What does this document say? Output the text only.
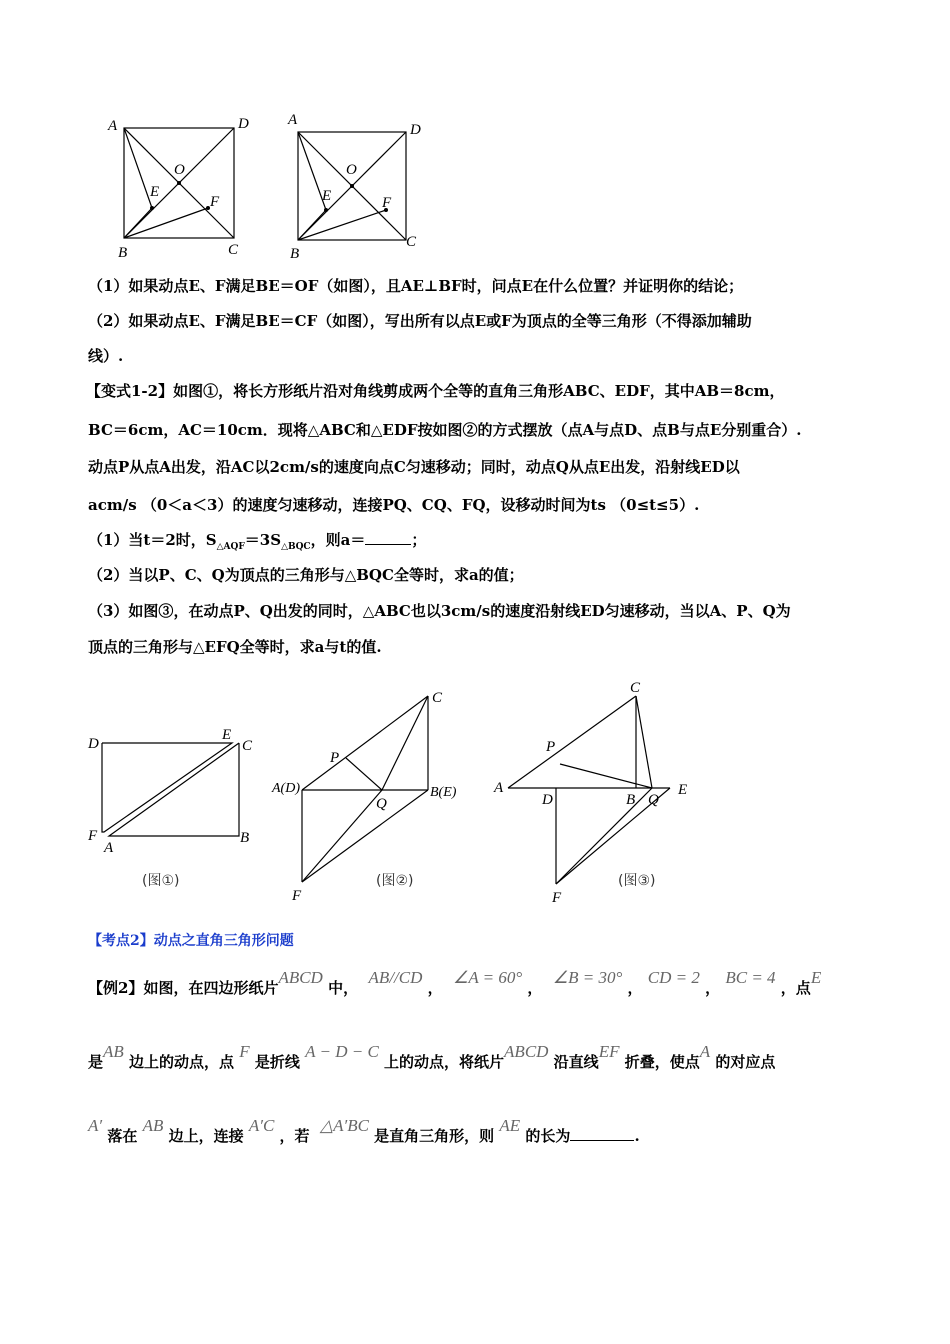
A	D
O
E
F
B	C
A
D
O
E	F
B
C
（1）如果动点E、F满足BE＝OF（如图），且AE⊥BF时，问点E在什么位置？并证明你的结论；
（2）如果动点E、F满足BE＝CF（如图），写出所有以点E或F为顶点的全等三角形（不得添加辅助
线）.
【变式1-2】如图①，将长方形纸片沿对角线剪成两个全等的直角三角形ABC、EDF，其中AB＝8cm，
BC＝6cm，AC＝10cm．现将△ABC和△EDF按如图②的方式摆放（点A与点D、点B与点E分别重合）.
动点P从点A出发，沿AC以2cm/s的速度向点C匀速移动；同时，动点Q从点E出发，沿射线ED以
acm/s （0＜a＜3）的速度匀速移动，连接PQ、CQ、FQ，设移动时间为ts （0≤t≤5）.
（1）当t＝2时，$S_{\triangle AQF}=3S_{\triangle BQC}$，则a＝	；
（2）当以P、C、Q为顶点的三角形与△BQC全等时，求a的值；
（3）如图③，在动点P、Q出发的同时，△ABC也以3cm/s的速度沿射线ED匀速移动，当以A、P、Q为
顶点的三角形与△EFQ全等时，求a与t的值.
D
E
C
F
A
B
(图①)
C
P
A(D)	B(E)
Q
F
(图②)
C
P
A
D	B Q
E
F
(图③)
【考点2】动点之直角三角形问题
【例2】如图，在四边形纸片ABCD 中，  AB//CD ，  ∠A = 60° ，  ∠B = 30° ， CD = 2 ， BC = 4 ，点E
是AB 边上的动点，点 F 是折线 A − D − C 上的动点，将纸片ABCD 沿直线EF 折叠，使点A 的对应点
A′ 落在 AB 边上，连接 A′C ，若  △A′BC 是直角三角形，则 AE 的长为	.
